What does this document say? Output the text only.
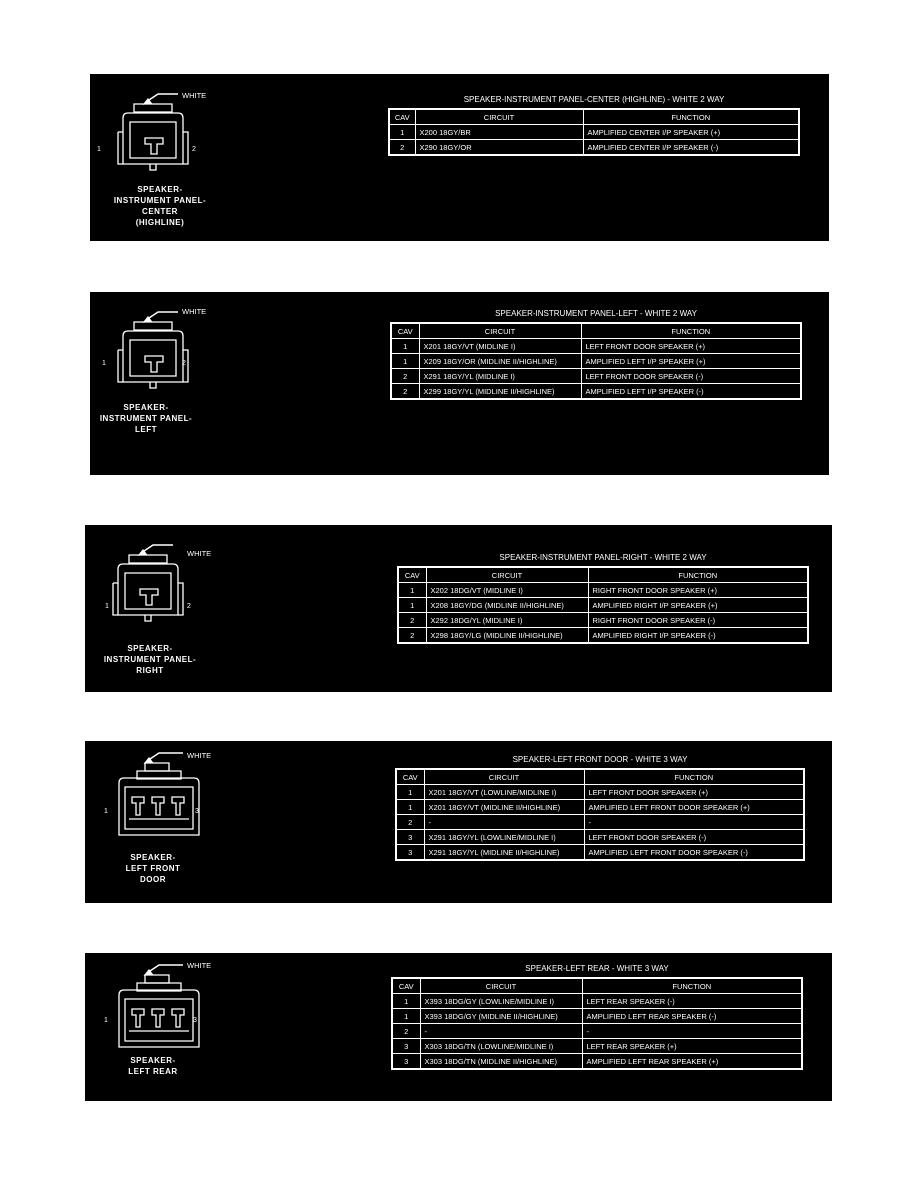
WHITE
1	2
SPEAKER-
INSTRUMENT PANEL-
CENTER
(HIGHLINE)
SPEAKER-INSTRUMENT PANEL-CENTER (HIGHLINE) - WHITE 2 WAY
CAV	CIRCUIT	FUNCTION
1	X200 18GY/BR	AMPLIFIED CENTER I/P SPEAKER (+)
2	X290 18GY/OR	AMPLIFIED CENTER I/P SPEAKER (-)
WHITE
1	2
SPEAKER-
INSTRUMENT PANEL-
LEFT
SPEAKER-INSTRUMENT PANEL-LEFT - WHITE 2 WAY
CAV	CIRCUIT	FUNCTION
1	X201 18GY/VT (MIDLINE I)	LEFT FRONT DOOR SPEAKER (+)
1	X209 18GY/OR (MIDLINE II/HIGHLINE)	AMPLIFIED LEFT I/P SPEAKER (+)
2	X291 18GY/YL (MIDLINE I)	LEFT FRONT DOOR SPEAKER (-)
2	X299 18GY/YL (MIDLINE II/HIGHLINE)	AMPLIFIED LEFT I/P SPEAKER (-)
WHITE
1	2
SPEAKER-
INSTRUMENT PANEL-
RIGHT
SPEAKER-INSTRUMENT PANEL-RIGHT - WHITE 2 WAY
CAV	CIRCUIT	FUNCTION
1	X202 18DG/VT (MIDLINE I)	RIGHT FRONT DOOR SPEAKER (+)
1	X208 18GY/DG (MIDLINE II/HIGHLINE)	AMPLIFIED RIGHT I/P SPEAKER (+)
2	X292 18DG/YL (MIDLINE I)	RIGHT FRONT DOOR SPEAKER (-)
2	X298 18GY/LG (MIDLINE II/HIGHLINE)	AMPLIFIED RIGHT I/P SPEAKER (-)
WHITE
1	3
SPEAKER-
LEFT FRONT
DOOR
SPEAKER-LEFT FRONT DOOR - WHITE 3 WAY
CAV	CIRCUIT	FUNCTION
1	X201 18GY/VT (LOWLINE/MIDLINE I)	LEFT FRONT DOOR SPEAKER (+)
1	X201 18GY/VT (MIDLINE II/HIGHLINE)	AMPLIFIED LEFT FRONT DOOR SPEAKER (+)
2	-	-
3	X291 18GY/YL (LOWLINE/MIDLINE I)	LEFT FRONT DOOR SPEAKER (-)
3	X291 18GY/YL (MIDLINE II/HIGHLINE)	AMPLIFIED LEFT FRONT DOOR SPEAKER (-)
WHITE
1	3
SPEAKER-
LEFT REAR
SPEAKER-LEFT REAR - WHITE 3 WAY
CAV	CIRCUIT	FUNCTION
1	X393 18DG/GY (LOWLINE/MIDLINE I)	LEFT REAR SPEAKER (-)
1	X393 18DG/GY (MIDLINE II/HIGHLINE)	AMPLIFIED LEFT REAR SPEAKER (-)
2	-	-
3	X303 18DG/TN (LOWLINE/MIDLINE I)	LEFT REAR SPEAKER (+)
3	X303 18DG/TN (MIDLINE II/HIGHLINE)	AMPLIFIED LEFT REAR SPEAKER (+)
